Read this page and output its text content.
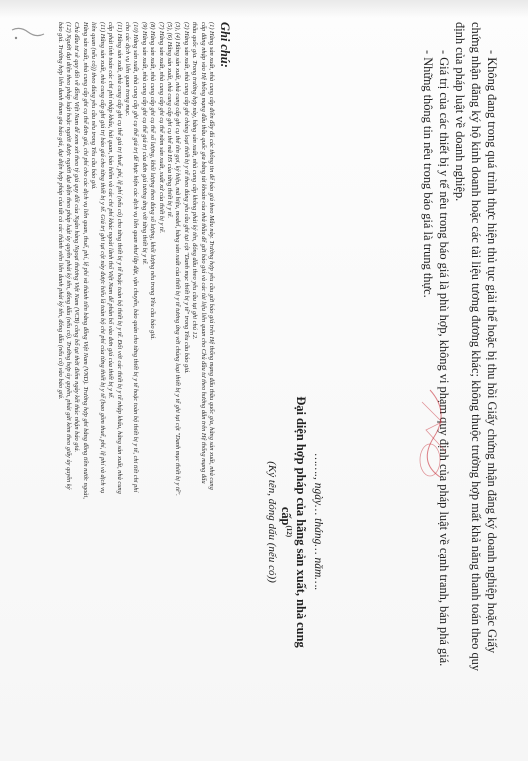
- Không đang trong quá trình thực hiện thủ tục giải thể hoặc bị thu hồi Giấy chứng nhận đăng ký doanh nghiệp hoặc Giấy
chứng nhận đăng ký hộ kinh doanh hoặc các tài liệu tương đương khác; không thuộc trường hợp mất khả năng thanh toán theo quy
định của pháp luật về doanh nghiệp.
- Giá trị của các thiết bị y tế nêu trong báo giá là phù hợp, không vi phạm quy định của pháp luật về cạnh tranh, bán phá giá.
- Những thông tin nêu trong báo giá là trung thực.
……., ngày… tháng… năm….
Đại diện hợp pháp của hãng sản xuất, nhà cung cấp$^{(12)}$
(Ký tên, đóng dấu (nếu có))
Ghi chú:
(1) Hãng sản xuất, nhà cung cấp điền đầy đủ các thông tin để báo giá theo Mẫu này. Trường hợp yêu cầu gửi báo giá trên Hệ thống mạng đấu thầu quốc gia, hãng sản xuất, nhà cung
cấp đăng nhập vào Hệ thống mạng đấu thầu quốc gia bằng tài khoản của nhà thầu để gửi báo giá và các tài liệu liên quan cho Chủ đầu tư theo hướng dẫn trên Hệ thống mạng đấu
thầu quốc gia. Trong trường hợp này, hãng sản xuất, nhà cung cấp không phải ký tên, đóng dấu theo yêu cầu tại ghi chú 12.
(2) Hãng sản xuất, nhà cung cấp ghi chủng loại thiết bị y tế theo đúng yêu cầu ghi tại cột "Danh mục thiết bị y tế" trong Yêu cầu báo giá.
(3), (4) Hãng sản xuất, nhà cung cấp ghi cụ thể tên gọi, ký hiệu, mã hiệu, model, hãng sản xuất của thiết bị y tế tương ứng với chủng loại thiết bị y tế ghi tại cột "Danh mục thiết bị y tế".
(5), (6) Hãng sản xuất, nhà cung cấp ghi cụ thể mã HS của từng thiết bị y tế.
(7) Hãng sản xuất, nhà cung cấp ghi cụ thể năm sản xuất, xuất xứ của thiết bị y tế.
(8) Hãng sản xuất, nhà cung cấp ghi cụ thể số lượng, khối lượng theo đúng số lượng, khối lượng nêu trong Yêu cầu báo giá.
(9) Hãng sản xuất, nhà cung cấp ghi cụ thể giá trị của đơn giá tương ứng với từng thiết bị y tế.
(10) Hãng sản xuất, nhà cung cấp ghi cụ thể giá trị để thực hiện các dịch vụ liên quan như lắp đặt, vận chuyển, bảo quản cho từng thiết bị y tế hoặc toàn bộ thiết bị y tế, chi tiết chi phí
cho các dịch vụ liên quan trong mục.
(11) Hãng sản xuất, nhà cung cấp ghi cụ thể giá trị thuế, phí, lệ phí (nếu có) cho từng thiết bị y tế hoặc toàn bộ thiết bị y tế. Đối với các thiết bị y tế nhập khẩu, hãng sản xuất, nhà cung
cấp phải tính toán các chi phí nhập khẩu, hải quan, bảo hiểm và các chi phí khác ngoài lãnh thổ Việt Nam để phân bổ vào đơn giá của thiết bị y tế.
(11) Hãng sản xuất, nhà cung cấp ghi giá trị báo giá cho từng thiết bị y tế. Giá trị ghi tại cột này được hiểu là toàn bộ chi phí của từng thiết bị y tế (bao gồm thuế, phí, lệ phí và dịch vụ
liên quan (nếu có)) theo đúng yêu cầu nêu trong Yêu cầu báo giá.
Hãng sản xuất, nhà cung cấp ghi cụ thể đơn giá, chi phí cho các dịch vụ liên quan, thuế, phí, lệ phí và thành tiền bằng đồng Việt Nam (VND). Trường hợp ghi bằng đồng tiền nước ngoài,
Chủ đầu tư sẽ quy đổi về đồng Việt Nam để xem xét theo tỷ giá quy đổi của Ngân hàng Ngoại thương Việt Nam (VCB) công bố tại thời điểm ngày kết thúc nhận báo giá.
(12) Người đại diện theo pháp luật hoặc người được người đại diện theo pháp luật ủy quyền phải ký tên, đóng dấu (nếu có). Trường hợp ủy quyền, phải gửi kèm theo giấy ủy quyền ký
báo giá. Trường hợp liên danh tham gia báo giá, đại diện hợp pháp của tất cả các thành viên liên danh phải ký tên, đóng dấu (nếu có) vào báo giá.
